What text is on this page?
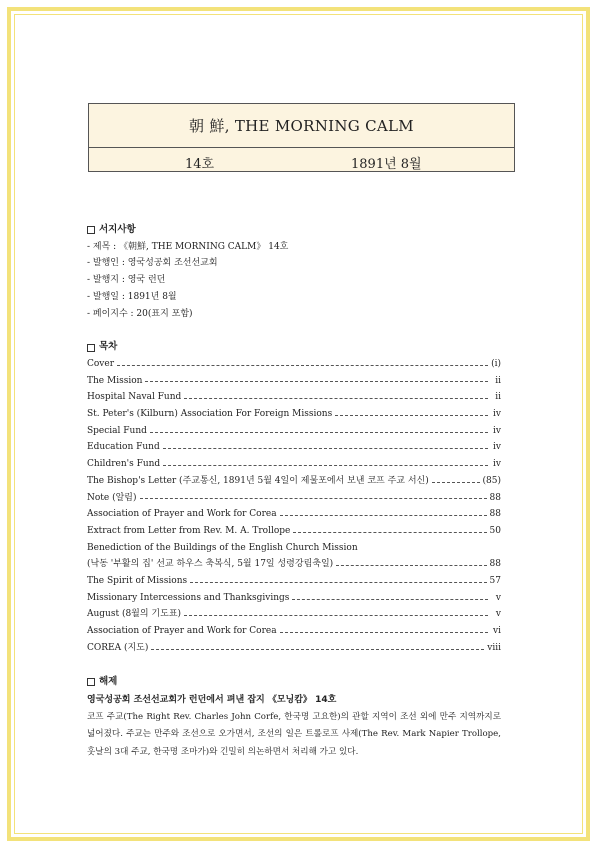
朝 鮮, THE MORNING CALM
14호	1891년 8월
서지사항
- 제목 : 《朝鮮, THE MORNING CALM》 14호
- 발행인 : 영국성공회 조선선교회
- 발행지 : 영국 런던
- 발행일 : 1891년 8월
- 페이지수 : 20(표지 포함)
목차
Cover	(i)
The Mission	ii
Hospital Naval Fund	ii
St. Peter's (Kilburn) Association For Foreign Missions	iv
Special Fund	iv
Education Fund	iv
Children's Fund	iv
The Bishop's Letter (주교통신, 1891년 5월 4일이 제물포에서 보낸 코프 주교 서신)	(85)
Note (알림)	88
Association of Prayer and Work for Corea	88
Extract from Letter from Rev. M. A. Trollope	50
Benediction of the Buildings of the English Church Mission
(낙동 '부활의 집' 선교 하우스 축복식, 5월 17일 성령강림축일)	88
The Spirit of Missions	57
Missionary Intercessions and Thanksgivings	v
August (8월의 기도표)	v
Association of Prayer and Work for Corea	vi
COREA (지도)	viii
해제
영국성공회 조선선교회가 런던에서 펴낸 잡지 《모닝캄》 14호
코프 주교(The Right Rev. Charles John Corfe, 한국명 고요한)의 관할 지역이 조선 외에 만주 지역까지로 넓어졌다. 주교는 만주와 조선으로 오가면서, 조선의 일은 트롤로프 사제(The Rev. Mark Napier Trollope, 훗날의 3대 주교, 한국명 조마가)와 긴밀히 의논하면서 처리해 가고 있다.
